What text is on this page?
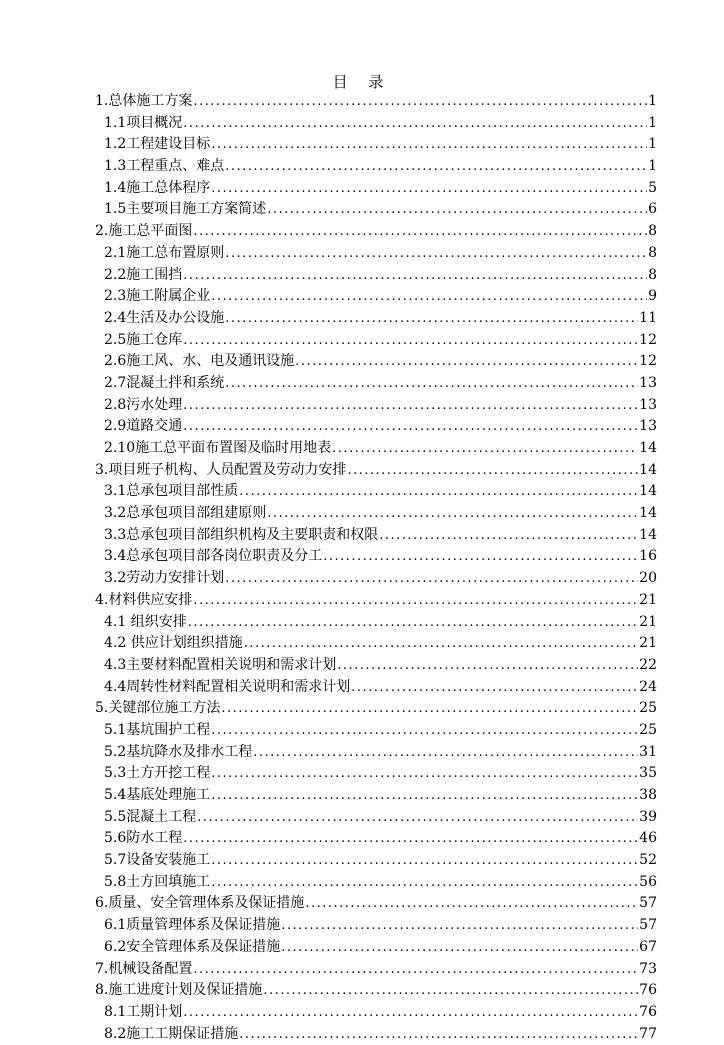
目 录
1.总体施工方案 .....	1
1.1项目概况 .....	1
1.2工程建设目标 .....	1
1.3工程重点、难点 .....	1
1.4施工总体程序 .....	5
1.5主要项目施工方案简述 .....	6
2.施工总平面图 .....	8
2.1施工总布置原则 .....	8
2.2施工围挡 .....	8
2.3施工附属企业 .....	9
2.4生活及办公设施 .....	11
2.5施工仓库 .....	12
2.6施工风、水、电及通讯设施 .....	12
2.7混凝土拌和系统 .....	13
2.8污水处理 .....	13
2.9道路交通 .....	13
2.10施工总平面布置图及临时用地表 .....	14
3.项目班子机构、人员配置及劳动力安排 .....	14
3.1总承包项目部性质 .....	14
3.2总承包项目部组建原则 .....	14
3.3总承包项目部组织机构及主要职责和权限 .....	14
3.4总承包项目部各岗位职责及分工 .....	16
3.2劳动力安排计划 .....	20
4.材料供应安排 .....	21
4.1 组织安排 .....	21
4.2 供应计划组织措施 .....	21
4.3主要材料配置相关说明和需求计划 .....	22
4.4周转性材料配置相关说明和需求计划 .....	24
5.关键部位施工方法 .....	25
5.1基坑围护工程 .....	25
5.2基坑降水及排水工程 .....	31
5.3土方开挖工程 .....	35
5.4基底处理施工 .....	38
5.5混凝土工程 .....	39
5.6防水工程 .....	46
5.7设备安装施工 .....	52
5.8土方回填施工 .....	56
6.质量、安全管理体系及保证措施 .....	57
6.1质量管理体系及保证措施 .....	57
6.2安全管理体系及保证措施 .....	67
7.机械设备配置 .....	73
8.施工进度计划及保证措施 .....	76
8.1工期计划 .....	76
8.2施工工期保证措施 .....	77
